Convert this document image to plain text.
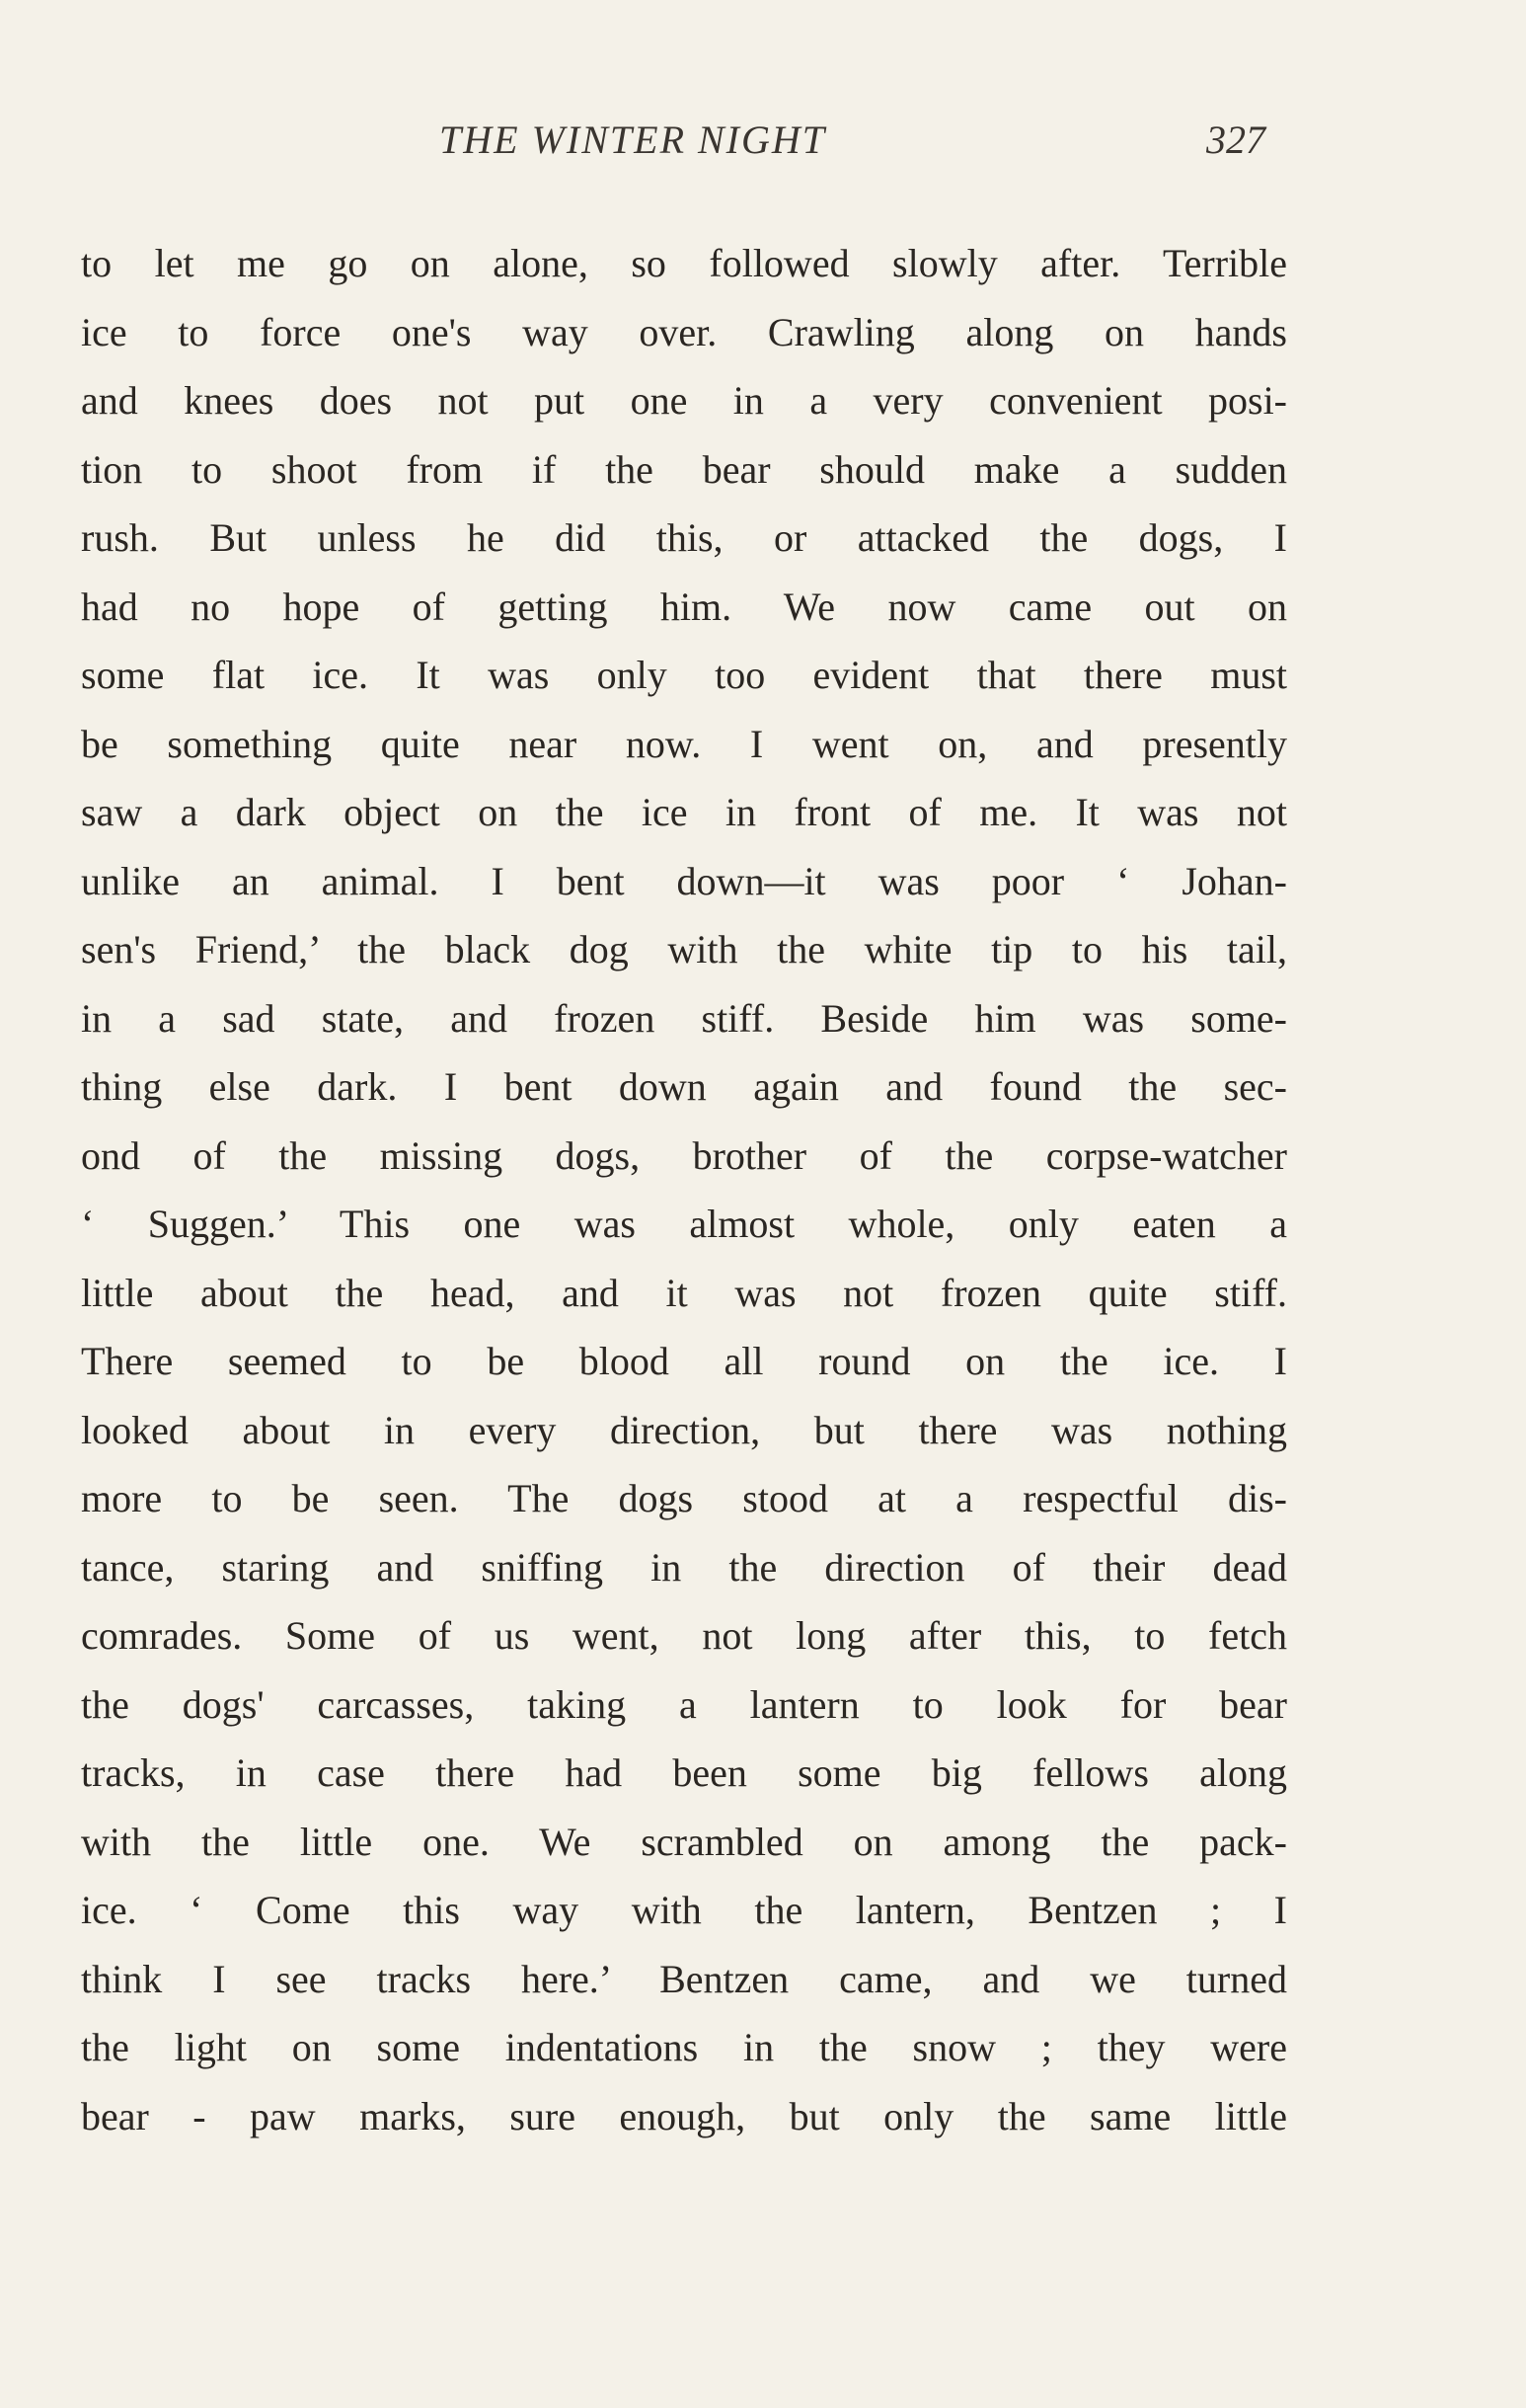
THE WINTER NIGHT	327
to let me go on alone, so followed slowly after. Terrible
ice to force one's way over. Crawling along on hands
and knees does not put one in a very convenient posi-
tion to shoot from if the bear should make a sudden
rush. But unless he did this, or attacked the dogs, I
had no hope of getting him. We now came out on
some flat ice. It was only too evident that there must
be something quite near now. I went on, and presently
saw a dark object on the ice in front of me. It was not
unlike an animal. I bent down—it was poor ‘ Johan-
sen's Friend,’ the black dog with the white tip to his tail,
in a sad state, and frozen stiff. Beside him was some-
thing else dark. I bent down again and found the sec-
ond of the missing dogs, brother of the corpse-watcher
‘ Suggen.’ This one was almost whole, only eaten a
little about the head, and it was not frozen quite stiff.
There seemed to be blood all round on the ice. I
looked about in every direction, but there was nothing
more to be seen. The dogs stood at a respectful dis-
tance, staring and sniffing in the direction of their dead
comrades. Some of us went, not long after this, to fetch
the dogs' carcasses, taking a lantern to look for bear
tracks, in case there had been some big fellows along
with the little one. We scrambled on among the pack-
ice. ‘ Come this way with the lantern, Bentzen ; I
think I see tracks here.’ Bentzen came, and we turned
the light on some indentations in the snow ; they were
bear - paw marks, sure enough, but only the same little
